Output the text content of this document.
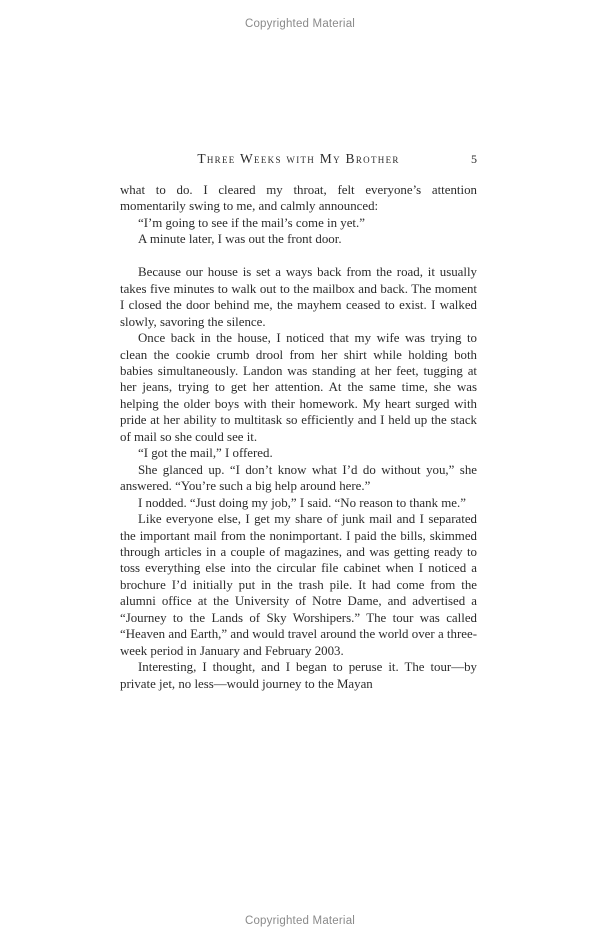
Copyrighted Material
Three Weeks with My Brother	5

what to do. I cleared my throat, felt everyone’s attention momentarily swing to me, and calmly announced:

“I’m going to see if the mail’s come in yet.”

A minute later, I was out the front door.

Because our house is set a ways back from the road, it usually takes five minutes to walk out to the mailbox and back. The moment I closed the door behind me, the mayhem ceased to exist. I walked slowly, savoring the silence.

Once back in the house, I noticed that my wife was trying to clean the cookie crumb drool from her shirt while holding both babies simultaneously. Landon was standing at her feet, tugging at her jeans, trying to get her attention. At the same time, she was helping the older boys with their homework. My heart surged with pride at her ability to multitask so efficiently and I held up the stack of mail so she could see it.

“I got the mail,” I offered.

She glanced up. “I don’t know what I’d do without you,” she answered. “You’re such a big help around here.”

I nodded. “Just doing my job,” I said. “No reason to thank me.”

Like everyone else, I get my share of junk mail and I separated the important mail from the nonimportant. I paid the bills, skimmed through articles in a couple of magazines, and was getting ready to toss everything else into the circular file cabinet when I noticed a brochure I’d initially put in the trash pile. It had come from the alumni office at the University of Notre Dame, and advertised a “Journey to the Lands of Sky Worshipers.” The tour was called “Heaven and Earth,” and would travel around the world over a three-week period in January and February 2003.

Interesting, I thought, and I began to peruse it. The tour—by private jet, no less—would journey to the Mayan

Copyrighted Material
